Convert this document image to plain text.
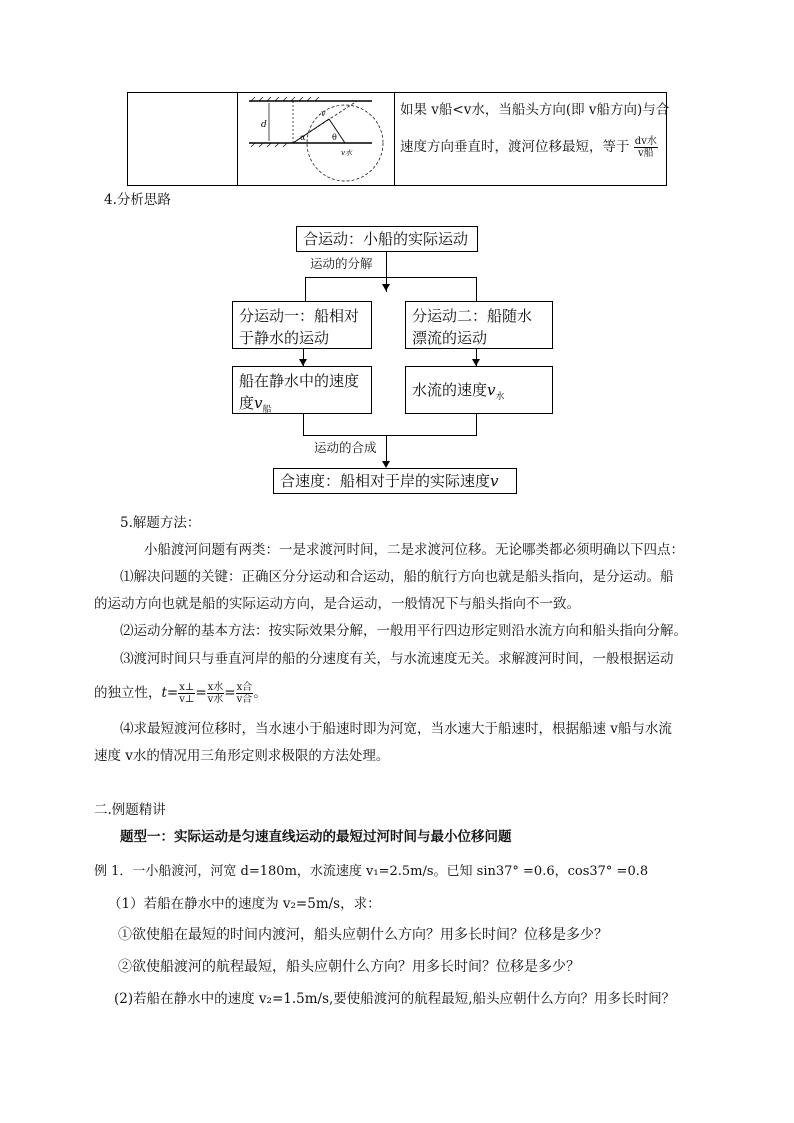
d
α	θ
v
v水
如果 v船<v水，当船头方向(即 v船方向)与合
速度方向垂直时，渡河位移最短，等于 $\frac{\text{dv水}}{\text{v船}}$
4.分析思路
合运动：小船的实际运动
运动的分解
分运动一：船相对于静水的运动
分运动二：船随水漂流的运动
船在静水中的速度
度$v_船$
水流的速度$v_水$
运动的合成
合速度：船相对于岸的实际速度v
5.解题方法：
小船渡河问题有两类：一是求渡河时间，二是求渡河位移。无论哪类都必须明确以下四点：
⑴解决问题的关键：正确区分分运动和合运动，船的航行方向也就是船头指向，是分运动。船
的运动方向也就是船的实际运动方向，是合运动，一般情况下与船头指向不一致。
⑵运动分解的基本方法：按实际效果分解，一般用平行四边形定则沿水流方向和船头指向分解。
⑶渡河时间只与垂直河岸的船的分速度有关，与水流速度无关。求解渡河时间，一般根据运动
的独立性，$t= \frac{x\perp}{v\perp} = \frac{\text{x水}}{\text{v水}} = \frac{\text{x合}}{\text{v合}}$ 。
⑷求最短渡河位移时，当水速小于船速时即为河宽，当水速大于船速时，根据船速 v船与水流
速度 v水的情况用三角形定则求极限的方法处理。
二.例题精讲
题型一：实际运动是匀速直线运动的最短过河时间与最小位移问题
例 1．一小船渡河，河宽 d=180m，水流速度 v₁=2.5m/s。已知 sin37° =0.6，cos37° =0.8
（1）若船在静水中的速度为 v₂=5m/s，求：
①欲使船在最短的时间内渡河，船头应朝什么方向？用多长时间？位移是多少？
②欲使船渡河的航程最短，船头应朝什么方向？用多长时间？位移是多少？
(2)若船在静水中的速度 v₂=1.5m/s,要使船渡河的航程最短,船头应朝什么方向？用多长时间？
